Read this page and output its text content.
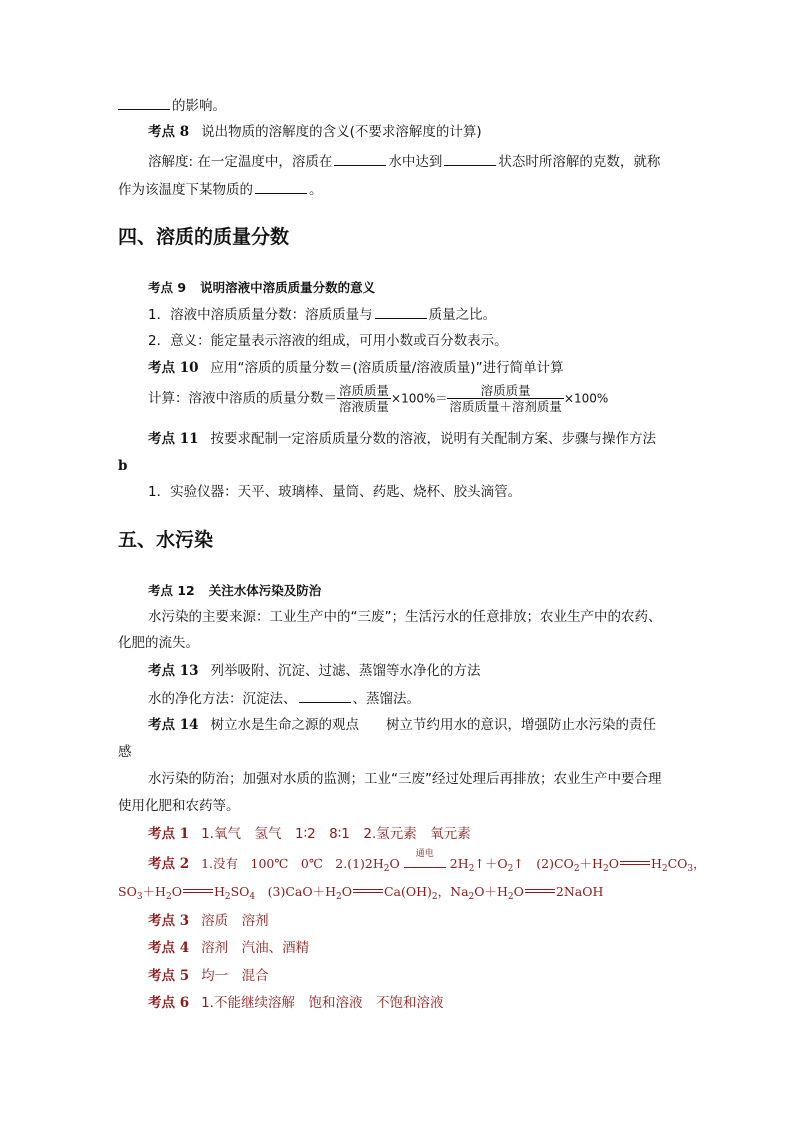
的影响。
考点 8 说出物质的溶解度的含义(不要求溶解度的计算)
溶解度: 在一定温度中，溶质在	水中达到	状态时所溶解的克数，就称
作为该温度下某物质的	。
四、溶质的质量分数
考点 9 说明溶液中溶质质量分数的意义
1．溶液中溶质质量分数：溶质质量与	质量之比。
2．意义：能定量表示溶液的组成，可用小数或百分数表示。
考点 10 应用“溶质的质量分数＝(溶质质量/溶液质量)”进行简单计算
计算：溶液中溶质的质量分数＝ $\frac{\text{溶质质量}}{\text{溶液质量}} \times 100\%= \frac{\text{溶质质量}}{\text{溶质质量＋溶剂质量}} \times 100\%$
考点 11 按要求配制一定溶质质量分数的溶液，说明有关配制方案、步骤与操作方法
b
1．实验仪器：天平、玻璃棒、量筒、药匙、烧杯、胶头滴管。
五、水污染
考点 12 关注水体污染及防治
水污染的主要来源：工业生产中的“三废”；生活污水的任意排放；农业生产中的农药、
化肥的流失。
考点 13 列举吸附、沉淀、过滤、蒸馏等水净化的方法
水的净化方法：沉淀法、	、蒸馏法。
考点 14 树立水是生命之源的观点　　树立节约用水的意识，增强防止水污染的责任
感
水污染的防治；加强对水质的监测；工业“三废”经过处理后再排放；农业生产中要合理
使用化肥和农药等。
考点 1 1.氧气　氢气　1∶2　8∶1　2.氢元素　氧元素
考点 2 1.没有　100℃　0℃　$2.(1)2H_2O$
通电
$2H_2↑+O_2↑$　$(2)CO_2+H_2O$	$H_2CO_3$，
$SO_3+H_2O$	$H_2SO_4$　$(3)CaO+H_2O$	$Ca(OH)_2$，$Na_2O+H_2O$	2NaOH
考点 3 溶质　溶剂
考点 4 溶剂　汽油、酒精
考点 5 均一　混合
考点 6 1.不能继续溶解　饱和溶液　不饱和溶液
